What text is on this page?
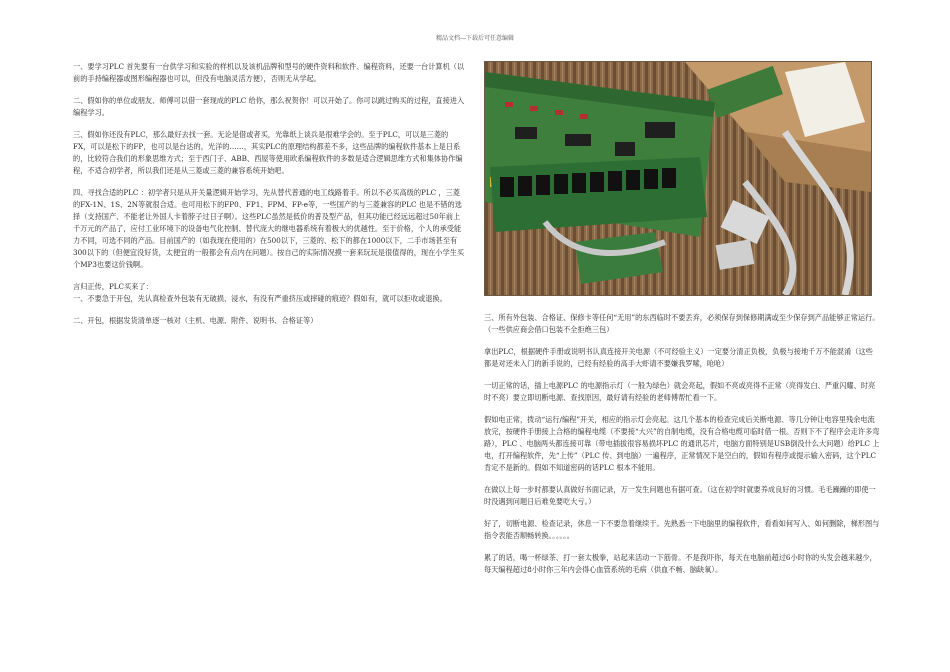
精品文档---下载后可任意编辑

一、要学习PLC 首先要有一台供学习和实验的样机以及该机品牌和型号的硬件资料和软件、编程资料，还要一台计算机（以前的手持编程器或图形编程器也可以，但没有电脑灵活方便），否则无从学起。

二、假如你的单位或朋友、师傅可以借一套现成的PLC 给你，那么祝贺你！可以开始了。你可以跳过购买的过程，直接进入编程学习。

三、假如你还没有PLC，那么最好去找一套。无论是借或者买，光靠纸上谈兵是很难学会的。至于PLC，可以是三菱的FX，可以是松下的FP，也可以是台达的，光洋的……，其实PLC的原理结构都差不多，这些品牌的编程软件基本上是日系的，比较符合我们的形象思维方式；至于西门子、ABB、西屋等使用欧系编程软件的多数是适合逻辑思维方式和集体协作编程，不适合初学者，所以我们还是从三菱或三菱的兼容系统开始吧。

四、寻找合适的PLC ：初学者只是从开关量逻辑开始学习，先从替代普通的电工线路着手。所以不必买高级的PLC ，三菱的FX-1N、1S、2N等就很合适。也可用松下的FP0、FP1、FPM、FP-e等，一些国产的与三菱兼容的PLC 也是不错的选择（支持国产、不能老让外国人卡着脖子过日子啊）。这些PLC虽然是低价的普及型产品，但其功能已经远远超过50年前上千万元的产品了，应付工业环境下的设备电气化控制、替代庞大的继电器系统有着极大的优越性。至于价格，个人的承受能力不同，可选不同的产品。目前国产的（如我现在使用的）在500以下，三菱的、松下的都在1000以下，二手市场甚至有300以下的（但便宜没好货，太便宜的一般都会有点内在问题）。按自己的实际情况摸一套来玩玩是很值得的，现在小学生买个MP3也要这价钱啊。

言归正传，PLC买来了：
一、不要急于开包，先认真检查外包装有无破损、浸水，有没有严重挤压或摔碰的痕迹？假如有，就可以拒收或退换。

二、开包，根据发货清单逐一核对（主机、电源、附件、说明书、合格证等）	三、所有外包装、合格证、保修卡等任何“无用”的东西临时不要丢弃，必须保存到保修期满或至少保存到产品能够正常运行。（一些供应商会借口包装不全拒绝三包）

拿出PLC，根据硬件手册或说明书认真连接开关电源（不可经验主义）一定要分清正负极，负极与接地千万不能混淆（这些都是对还未入门的新手说的，已经有经验的高手大虾请不要嫌我罗嗦，呛呛）

一切正常的话，插上电源PLC 的电源指示灯（一般为绿色）就会亮起，假如不亮或亮得不正常（亮得发白、严重闪耀、时亮时不亮）要立即切断电源、查找原因，最好请有经验的老师傅帮忙看一下。

假如电正常，拨动“运行/编程”开关，相应的指示灯会亮起。这几个基本的检查完成后关断电源、等几分钟让电容里残余电流放完，按硬件手册接上合格的编程电缆（不要接“大兴”的自制电缆，没有合格电缆可临时借一根。否则下不了程序会走许多弯路），PLC 、电脑两头都连接可靠（带电插拔很容易损坏PLC 的通讯芯片，电脑方面特别是USB倒没什么大问题）给PLC 上电，打开编程软件，先“上传”（PLC 传、到电脑）一遍程序，正常情况下是空白的，假如有程序或提示输入密码，这个PLC 肯定不是新的。假如不知道密码的话PLC 根本不能用。

在做以上每一步时都要认真做好书面记录，万一发生问题也有据可查。（这在初学时就要养成良好的习惯。毛毛躁躁的即使一时没遇到问题日后难免要吃大亏。）

好了，切断电源、检查记录，休息一下不要急着继续干。先熟悉一下电脑里的编程软件，看看如何写入、如何删除，梯形图与指令表能否顺畅转换。。。。。。

累了的话，喝一杯绿茶、打一套太极拳，站起来活动一下筋骨。不是我吓你，每天在电脑前超过6小时你的头发会越来越少，每天编程超过8小时你三年内会得心血管系统的毛病（供血不畅、脑缺氧）。
